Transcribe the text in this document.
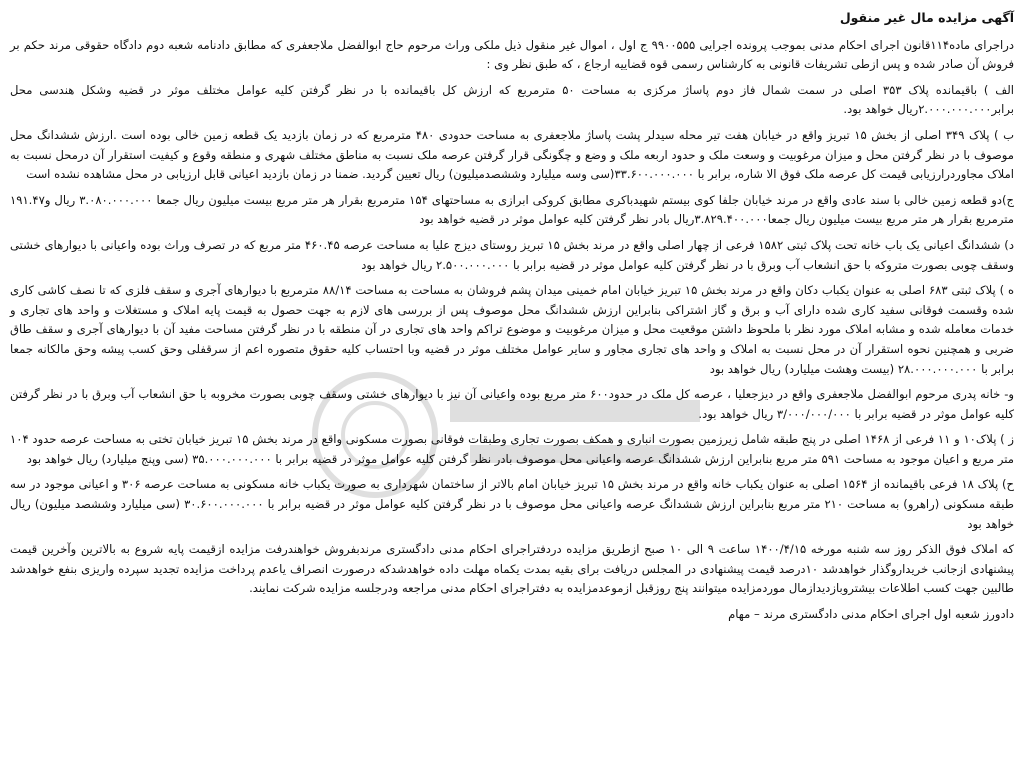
آگهی مزایده مال غیر منقول

دراجرای ماده۱۱۴قانون اجرای احکام مدنی بموجب پرونده اجرایی ۹۹۰۰۵۵۵ ج اول ، اموال غیر منقول ذیل ملکی وراث مرحوم حاج ابوالفضل ملاجعفری که مطابق دادنامه شعبه دوم دادگاه حقوقی مرند حکم بر فروش آن صادر شده و پس ازطی تشریفات قانونی به کارشناس رسمی قوه قضاییه ارجاع ، که طبق نظر وی :

الف ) باقیمانده پلاک ۳۵۳ اصلی در سمت شمال فاز دوم پاساژ مرکزی به مساحت ۵۰ مترمربع که ارزش کل باقیمانده با در نظر گرفتن کلیه عوامل مختلف موثر در قضیه وشکل هندسی محل برابر۲.۰۰۰.۰۰۰.۰۰۰ریال خواهد بود.

ب ) پلاک ۳۴۹ اصلی از بخش ۱۵ تبریز واقع در خیابان هفت تیر محله سیدلر پشت پاساژ ملاجعفری به مساحت حدودی ۴۸۰ مترمربع که در زمان بازدید یک قطعه زمین خالی بوده است .ارزش ششدانگ محل موصوف با در نظر گرفتن محل و میزان مرغوبیت و وسعت ملک و حدود اربعه ملک و وضع و چگونگی قرار گرفتن عرصه ملک نسبت به مناطق مختلف شهری و منطقه وقوع و کیفیت استقرار آن درمحل نسبت به املاک مجاوردرارزیابی قیمت کل عرصه ملک فوق الا شاره، برابر با ۳۳.۶۰۰.۰۰۰.۰۰۰(سی وسه میلیارد وششصدمیلیون) ریال تعیین گردید. ضمنا در زمان بازدید اعیانی قابل ارزیابی در محل مشاهده نشده است

ج)دو قطعه زمین خالی با سند عادی واقع در مرند خیابان جلفا کوی بیستم شهیدباکری مطابق کروکی ابرازی به مساحتهای ۱۵۴ مترمربع بقرار هر متر مربع بیست میلیون ریال جمعا ۳.۰۸۰.۰۰۰.۰۰۰ ریال و۱۹۱.۴۷ مترمربع بقرار هر متر مربع بیست میلیون ریال جمعا۳.۸۲۹.۴۰۰.۰۰۰ریال بادر نظر گرفتن کلیه عوامل موثر در قضیه خواهد بود

د) ششدانگ اعیانی یک باب خانه تحت پلاک ثبتی ۱۵۸۲ فرعی از چهار اصلی واقع در مرند بخش ۱۵ تبریز روستای دیزج علیا به مساحت عرصه ۴۶۰.۴۵ متر مربع که در تصرف وراث بوده واعیانی با دیوارهای خشتی وسقف چوبی بصورت متروکه با حق انشعاب آب وبرق با در نظر گرفتن کلیه عوامل موثر در قضیه برابر با ۲.۵۰۰.۰۰۰.۰۰۰ ریال خواهد بود

ه ) پلاک ثبتی ۶۸۳ اصلی به عنوان یکباب دکان واقع در مرند بخش ۱۵ تبریز خیابان امام خمینی میدان پشم فروشان به مساحت به مساحت ۸۸/۱۴ مترمربع با دیوارهای آجری و سقف فلزی که تا نصف کاشی کاری شده وقسمت فوقانی سفید کاری شده دارای آب و برق و گاز اشتراکی بنابراین ارزش ششدانگ محل موصوف پس از بررسی های لازم به جهت حصول به قیمت پایه املاک و مستغلات و واحد های تجاری و خدمات معامله شده و مشابه املاک مورد نظر با ملحوظ داشتن موقعیت محل و میزان مرغوبیت و موضوع تراکم واحد های تجاری در آن منطقه با در نظر گرفتن مساحت مفید آن با دیوارهای آجری و سقف طاق ضربی و همچنین نحوه استقرار آن در محل نسبت به املاک و واحد های تجاری مجاور و سایر عوامل مختلف موثر در قضیه وبا احتساب کلیه حقوق متصوره اعم از سرقفلی وحق کسب پیشه وحق مالکانه جمعا برابر با ۲۸.۰۰۰.۰۰۰.۰۰۰ (بیست وهشت میلیارد) ریال خواهد بود

و- خانه پدری مرحوم ابوالفضل ملاجعفری واقع در دیزجعلیا ، عرصه کل ملک در حدود۶۰۰ متر مربع بوده واعیانی آن نیز با دیوارهای خشتی وسقف چوبی بصورت مخروبه با حق انشعاب آب وبرق با در نظر گرفتن کلیه عوامل موثر در قضیه برابر با ۳/۰۰۰/۰۰۰/۰۰۰ ریال خواهد بود.

ز ) پلاک۱۰ و ۱۱ فرعی از ۱۴۶۸ اصلی در پنج طبقه شامل زیرزمین بصورت انباری و همکف بصورت تجاری وطبقات فوقانی بصورت مسکونی واقع در مرند بخش ۱۵ تبریز خیابان تختی به مساحت عرصه حدود ۱۰۴ متر مربع و اعیان موجود به مساحت ۵۹۱ متر مربع بنابراین ارزش ششدانگ عرصه واعیانی محل موصوف بادر نظر گرفتن کلیه عوامل موثر در قضیه برابر با ۳۵.۰۰۰.۰۰۰.۰۰۰ (سی وپنج میلیارد) ریال خواهد بود

ح) پلاک ۱۸ فرعی باقیمانده از ۱۵۶۴ اصلی به عنوان یکباب خانه واقع در مرند بخش ۱۵ تبریز خیابان امام بالاتر از ساختمان شهرداری به صورت یکباب خانه مسکونی به مساحت عرصه ۳۰۶ و اعیانی موجود در سه طبقه مسکونی (راهرو) به مساحت ۲۱۰ متر مربع بنابراین ارزش ششدانگ عرصه واعیانی محل موصوف با در نظر گرفتن کلیه عوامل موثر در قضیه برابر با ۳۰.۶۰۰.۰۰۰.۰۰۰ (سی میلیارد وششصد میلیون) ریال خواهد بود

که املاک فوق الذکر روز سه شنبه مورخه ۱۴۰۰/۴/۱۵ ساعت ۹ الی ۱۰ صبح ازطریق مزایده دردفتراجرای احکام مدنی دادگستری مرندبفروش خواهندرفت مزایده ازقیمت پایه شروع به بالاترین وآخرین قیمت پیشنهادی ازجانب خریداروگذار خواهدشد ۱۰درصد قیمت پیشنهادی در المجلس دریافت برای بقیه بمدت یکماه مهلت داده خواهدشدکه درصورت انصراف یاعدم پرداخت مزایده تجدید سپرده واریزی بنفع خواهدشد طالبین جهت کسب اطلاعات بیشتروبازدیدازمال موردمزایده میتوانند پنج روزقبل ازموعدمزایده به دفتراجرای احکام مدنی مراجعه ودرجلسه مزایده شرکت نمایند.

دادورز شعبه اول اجرای احکام مدنی دادگستری مرند – مهام
